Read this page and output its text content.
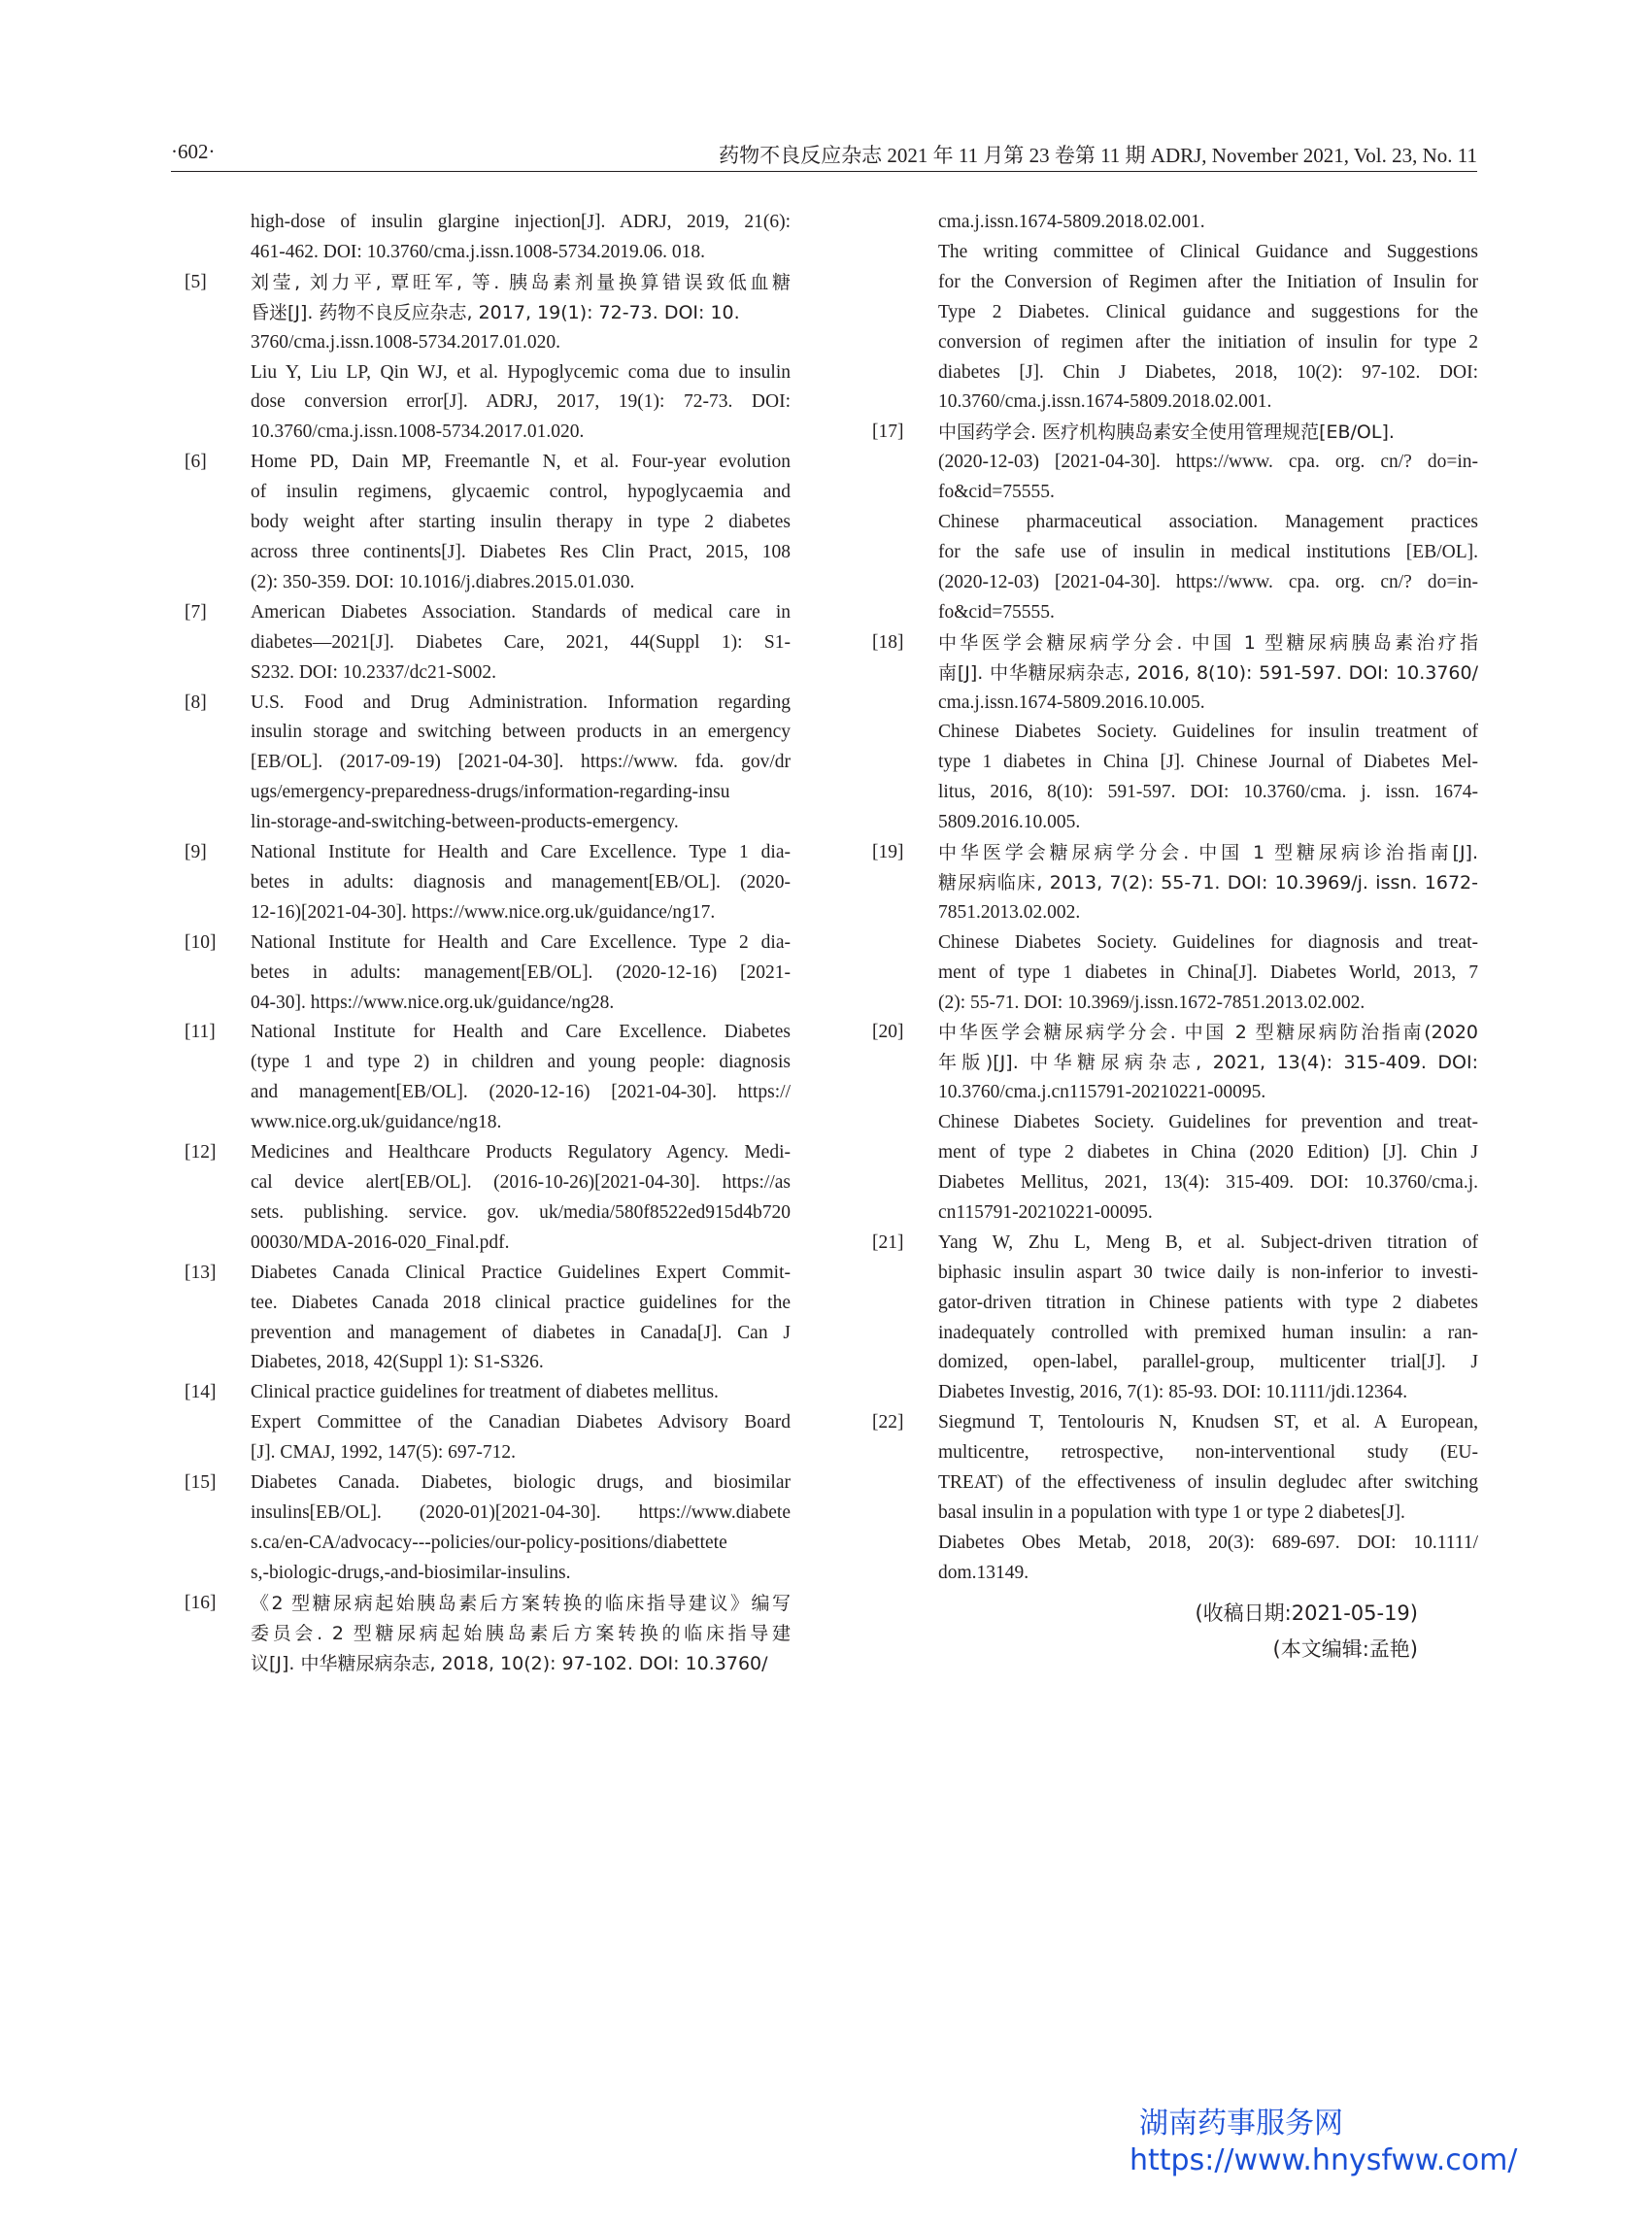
·602·	药物不良反应杂志 2021 年 11 月第 23 卷第 11 期 ADRJ, November 2021, Vol. 23, No. 11
high-dose of insulin glargine injection[J]. ADRJ, 2019, 21(6):
461-462. DOI: 10.3760/cma.j.issn.1008-5734.2019.06. 018.
[5]	刘莹, 刘力平, 覃旺军, 等. 胰岛素剂量换算错误致低血糖
昏迷[J]. 药物不良反应杂志, 2017, 19(1): 72-73. DOI: 10.
3760/cma.j.issn.1008-5734.2017.01.020.
Liu Y, Liu LP, Qin WJ, et al. Hypoglycemic coma due to insulin
dose conversion error[J]. ADRJ, 2017, 19(1): 72-73. DOI:
10.3760/cma.j.issn.1008-5734.2017.01.020.
[6]	Home PD, Dain MP, Freemantle N, et al. Four-year evolution
of insulin regimens, glycaemic control, hypoglycaemia and
body weight after starting insulin therapy in type 2 diabetes
across three continents[J]. Diabetes Res Clin Pract, 2015, 108
(2): 350-359. DOI: 10.1016/j.diabres.2015.01.030.
[7]	American Diabetes Association. Standards of medical care in
diabetes—2021[J]. Diabetes Care, 2021, 44(Suppl 1): S1-
S232. DOI: 10.2337/dc21-S002.
[8]	U.S. Food and Drug Administration. Information regarding
insulin storage and switching between products in an emergency
[EB/OL]. (2017-09-19) [2021-04-30]. https://www. fda. gov/dr
ugs/emergency-preparedness-drugs/information-regarding-insu
lin-storage-and-switching-between-products-emergency.
[9]	National Institute for Health and Care Excellence. Type 1 dia-
betes in adults: diagnosis and management[EB/OL]. (2020-
12-16)[2021-04-30]. https://www.nice.org.uk/guidance/ng17.
[10]	National Institute for Health and Care Excellence. Type 2 dia-
betes in adults: management[EB/OL]. (2020-12-16) [2021-
04-30]. https://www.nice.org.uk/guidance/ng28.
[11]	National Institute for Health and Care Excellence. Diabetes
(type 1 and type 2) in children and young people: diagnosis
and management[EB/OL]. (2020-12-16) [2021-04-30]. https://
www.nice.org.uk/guidance/ng18.
[12]	Medicines and Healthcare Products Regulatory Agency. Medi-
cal device alert[EB/OL]. (2016-10-26)[2021-04-30]. https://as
sets. publishing. service. gov. uk/media/580f8522ed915d4b720
00030/MDA-2016-020_Final.pdf.
[13]	Diabetes Canada Clinical Practice Guidelines Expert Commit-
tee. Diabetes Canada 2018 clinical practice guidelines for the
prevention and management of diabetes in Canada[J]. Can J
Diabetes, 2018, 42(Suppl 1): S1-S326.
[14]	Clinical practice guidelines for treatment of diabetes mellitus.
Expert Committee of the Canadian Diabetes Advisory Board
[J]. CMAJ, 1992, 147(5): 697-712.
[15]	Diabetes Canada. Diabetes, biologic drugs, and biosimilar
insulins[EB/OL]. (2020-01)[2021-04-30]. https://www.diabete
s.ca/en-CA/advocacy---policies/our-policy-positions/diabettete
s,-biologic-drugs,-and-biosimilar-insulins.
[16]	《2 型糖尿病起始胰岛素后方案转换的临床指导建议》编写
委员会. 2 型糖尿病起始胰岛素后方案转换的临床指导建
议[J]. 中华糖尿病杂志, 2018, 10(2): 97-102. DOI: 10.3760/
cma.j.issn.1674-5809.2018.02.001.
The writing committee of Clinical Guidance and Suggestions
for the Conversion of Regimen after the Initiation of Insulin for
Type 2 Diabetes. Clinical guidance and suggestions for the
conversion of regimen after the initiation of insulin for type 2
diabetes [J]. Chin J Diabetes, 2018, 10(2): 97-102. DOI:
10.3760/cma.j.issn.1674-5809.2018.02.001.
[17]	中国药学会. 医疗机构胰岛素安全使用管理规范[EB/OL].
(2020-12-03) [2021-04-30]. https://www. cpa. org. cn/? do=in-
fo&cid=75555.
Chinese pharmaceutical association. Management practices
for the safe use of insulin in medical institutions [EB/OL].
(2020-12-03) [2021-04-30]. https://www. cpa. org. cn/? do=in-
fo&cid=75555.
[18]	中华医学会糖尿病学分会. 中国 1 型糖尿病胰岛素治疗指
南[J]. 中华糖尿病杂志, 2016, 8(10): 591-597. DOI: 10.3760/
cma.j.issn.1674-5809.2016.10.005.
Chinese Diabetes Society. Guidelines for insulin treatment of
type 1 diabetes in China [J]. Chinese Journal of Diabetes Mel-
litus, 2016, 8(10): 591-597. DOI: 10.3760/cma. j. issn. 1674-
5809.2016.10.005.
[19]	中华医学会糖尿病学分会. 中国 1 型糖尿病诊治指南[J].
糖尿病临床, 2013, 7(2): 55-71. DOI: 10.3969/j. issn. 1672-
7851.2013.02.002.
Chinese Diabetes Society. Guidelines for diagnosis and treat-
ment of type 1 diabetes in China[J]. Diabetes World, 2013, 7
(2): 55-71. DOI: 10.3969/j.issn.1672-7851.2013.02.002.
[20]	中华医学会糖尿病学分会. 中国 2 型糖尿病防治指南(2020
年版)[J]. 中华糖尿病杂志, 2021, 13(4): 315-409. DOI:
10.3760/cma.j.cn115791-20210221-00095.
Chinese Diabetes Society. Guidelines for prevention and treat-
ment of type 2 diabetes in China (2020 Edition) [J]. Chin J
Diabetes Mellitus, 2021, 13(4): 315-409. DOI: 10.3760/cma.j.
cn115791-20210221-00095.
[21]	Yang W, Zhu L, Meng B, et al. Subject-driven titration of
biphasic insulin aspart 30 twice daily is non-inferior to investi-
gator-driven titration in Chinese patients with type 2 diabetes
inadequately controlled with premixed human insulin: a ran-
domized, open-label, parallel-group, multicenter trial[J]. J
Diabetes Investig, 2016, 7(1): 85-93. DOI: 10.1111/jdi.12364.
[22]	Siegmund T, Tentolouris N, Knudsen ST, et al. A European,
multicentre, retrospective, non-interventional study (EU-
TREAT) of the effectiveness of insulin degludec after switching
basal insulin in a population with type 1 or type 2 diabetes[J].
Diabetes Obes Metab, 2018, 20(3): 689-697. DOI: 10.1111/
dom.13149.
(收稿日期:2021-05-19)
(本文编辑:孟艳)
湖南药事服务网
https://www.hnysfww.com/
